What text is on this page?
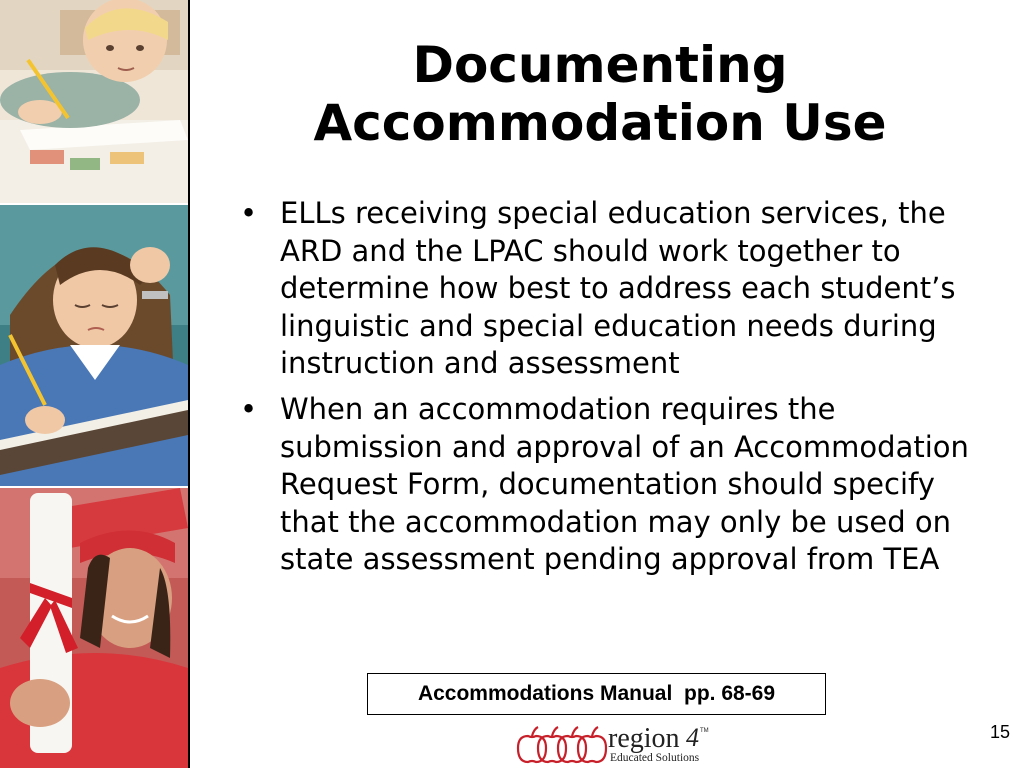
Documenting
Accommodation Use
• ELLs receiving special education services, the ARD and the LPAC should work together to determine how best to address each student’s linguistic and special education needs during instruction and assessment
• When an accommodation requires the submission and approval of an Accommodation Request Form, documentation should specify that the accommodation may only be used on state assessment pending approval from TEA
Accommodations Manual  pp. 68-69
region 4 TM
Educated Solutions
15
